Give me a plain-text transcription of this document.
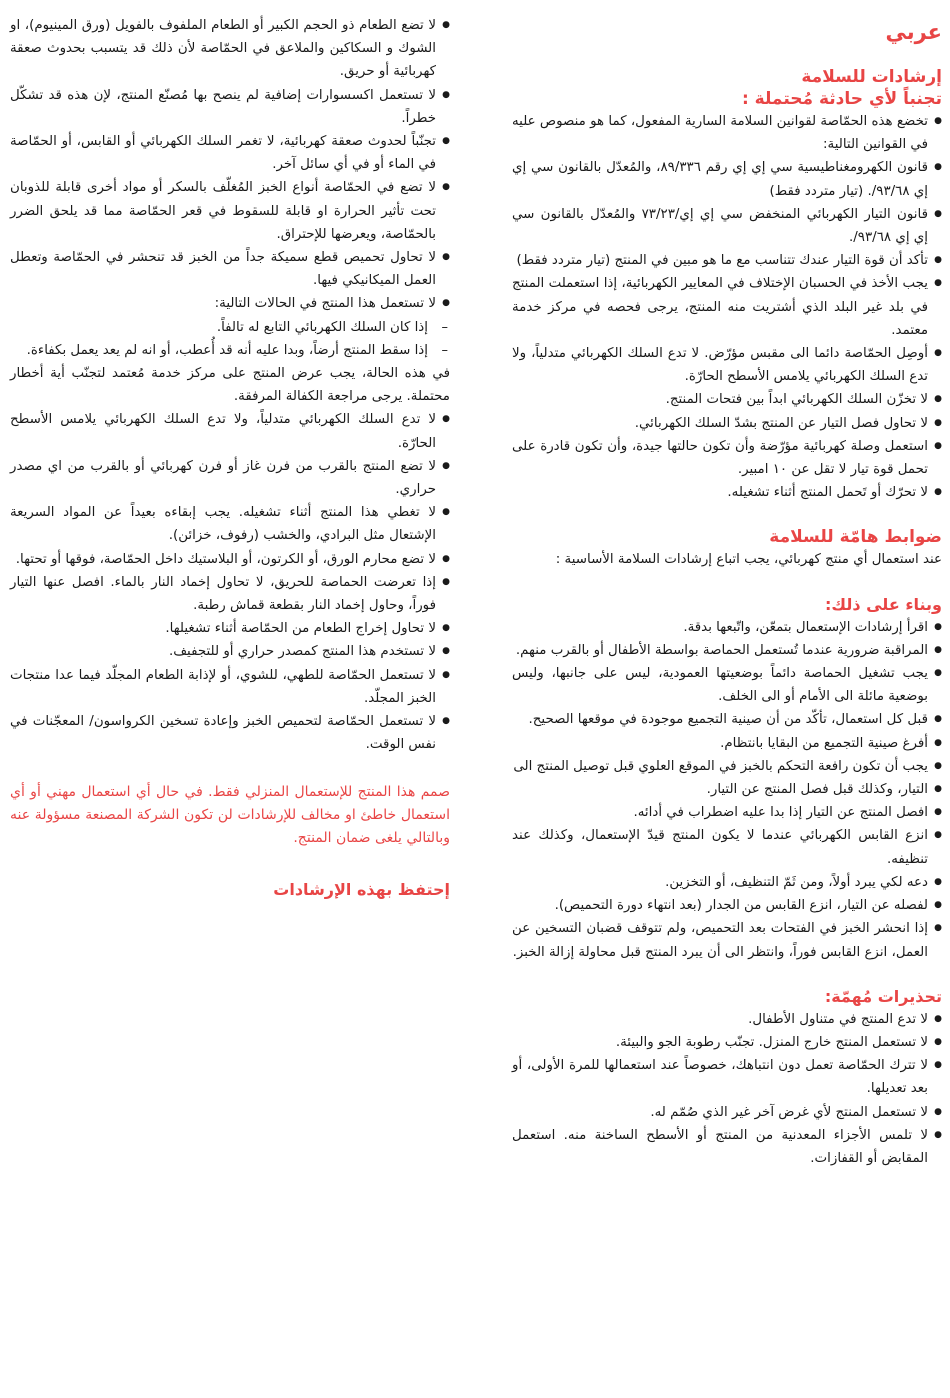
عربي
إرشادات للسلامة
تجنباً لأي حادثة مُحتملة :
● تخضع هذه الحمّاصة لقوانين السلامة السارية المفعول، كما هو منصوص عليه في القوانين التالية:
● قانون الكهرومغناطيسية سي إي إي رقم ٨٩/٣٣٦، والمُعدّل بالقانون سي إي إي ٩٣/٦٨/. (تيار متردد فقط)
● قانون التيار الكهربائي المنخفض سي إي إي/٧٣/٢٣ والمُعدّل بالقانون سي إي إي ٩٣/٦٨/.
● تأكد أن قوة التيار عندك تتناسب مع ما هو مبين في المنتج (تيار متردد فقط)
● يجب الأخذ في الحسبان الإختلاف في المعايير الكهربائية، إذا استعملت المنتج في بلد غير البلد الذي أشتريت منه المنتج، يرجى فحصه في مركز خدمة معتمد.
● أوصِل الحمّاصة دائما الى مقبس مؤرّض. لا تدع السلك الكهربائي متدلياً، ولا تدع السلك الكهربائي يلامس الأسطح الحارّة.
● لا تخزّن السلك الكهربائي ابداً بين فتحات المنتج.
● لا تحاول فصل التيار عن المنتج بشدّ السلك الكهربائي.
● استعمل وصلة كهربائية مؤرّضة وأن تكون حالتها جيدة، وأن تكون قادرة على تحمل قوة تيار لا تقل عن ١٠ امبير.
● لا تحرّك أو تَحمل المنتج أثناء تشغيله.
ضوابط هامّة للسلامة

عند استعمال أي منتج كهربائي، يجب اتباع إرشادات السلامة الأساسية :

وبناء على ذلك:
● اقرأ إرشادات الإستعمال بتمعّن، واتّبعها بدقة.
● المراقبة ضرورية عندما تُستعمل الحماصة بواسطة الأطفال أو بالقرب منهم.
● يجب تشغيل الحماصة دائماً بوضعيتها العمودية، ليس على جانبها، وليس بوضعية مائلة الى الأمام أو الى الخلف.
● قبل كل استعمال، تأكّد من أن صينية التجميع موجودة في موقعها الصحيح.
● أفرغ صينية التجميع من البقايا بانتظام.
● يجب أن تكون رافعة التحكم بالخبز في الموقع العلوي قبل توصيل المنتج الى
● التيار، وكذلك قبل فصل المنتج عن التيار.
● افصل المنتج عن التيار إذا بدا عليه اضطراب في أدائه.
● انزع القابس الكهربائي عندما لا يكون المنتج قيدّ الإستعمال، وكذلك عند تنظيفه.
● دعه لكي يبرد أولاً، ومن ثَمّ التنظيف، أو التخزين.
● لفصله عن التيار، انزع القابس من الجدار (بعد انتهاء دورة التحميص).
● إذا انحشر الخبز في الفتحات بعد التحميص، ولم تتوقف قضبان التسخين عن العمل، انزع القابس فوراً، وانتظر الى أن يبرد المنتج قبل محاولة إزالة الخبز.
تحذيرات مُهمّة:
● لا تدع المنتج في متناول الأطفال.
● لا تستعمل المنتج خارج المنزل. تجنّب رطوبة الجو والبيئة.
● لا تترك الحمّاصة تعمل دون انتباهك، خصوصاً عند استعمالها للمرة الأولى، أو بعد تعديلها.
● لا تستعمل المنتج لأي غرض آخر غير الذي صُمّم له.
● لا تلمس الأجزاء المعدنية من المنتج أو الأسطح الساخنة منه. استعمل المقابض أو القفازات.
● لا تضع الطعام ذو الحجم الكبير أو الطعام الملفوف بالفويل (ورق المينيوم)، او الشوك و السكاكين والملاعق في الحمّاصة لأن ذلك قد يتسبب بحدوث صعقة كهربائية أو حريق.
● لا تستعمل اكسسوارات إضافية لم ينصح بها مُصنّع المنتج، لإن هذه قد تشكّل خطراً.
● تجنّباً لحدوث صعقة كهربائية، لا تغمر السلك الكهربائي أو القابس، أو الحمّاصة في الماء أو في أي سائل آخر.
● لا تضع في الحمّاصة أنواع الخبز المُغلّف بالسكر أو مواد أخرى قابلة للذوبان تحت تأثير الحرارة او قابلة للسقوط في قعر الحمّاصة مما قد يلحق الضرر بالحمّاصة، ويعرضها للإحتراق.
● لا تحاول تحميص قطع سميكة جداً من الخبز قد تنحشر في الحمّاصة وتعطل العمل الميكانيكي فيها.
● لا تستعمل هذا المنتج في الحالات التالية:
– إذا كان السلك الكهربائي التابع له تالفاً.
– إذا سقط المنتج أرضاً، وبدا عليه أنه قد أُعطب، أو انه لم يعد يعمل بكفاءة.
في هذه الحالة، يجب عرض المنتج على مركز خدمة مُعتمد لتجنّب أية أخطار محتملة. يرجى مراجعة الكفالة المرفقة.
● لا تدع السلك الكهربائي متدلياً، ولا تدع السلك الكهربائي يلامس الأسطح الحارّة.
● لا تضع المنتج بالقرب من فرن غاز أو فرن كهربائي أو بالقرب من اي مصدر حراري.
● لا تغطي هذا المنتج أثناء تشغيله. يجب إبقاءه بعيداً عن المواد السريعة الإشتعال مثل البرادي، والخشب (رفوف، خزائن).
● لا تضع محارم الورق، أو الكرتون، أو البلاستيك داخل الحمّاصة، فوقها أو تحتها.
● إذا تعرضت الحماصة للحريق، لا تحاول إخماد النار بالماء. افصل عنها التيار فوراً، وحاول إخماد النار بقطعة قماش رطبة.
● لا تحاول إخراج الطعام من الحمّاصة أثناء تشغيلها.
● لا تستخدم هذا المنتج كمصدر حراري أو للتجفيف.
● لا تستعمل الحمّاصة للطهي، للشوي، أو لإذابة الطعام المجلّد فيما عدا منتجات الخبز المجلّد.
● لا تستعمل الحمّاصة لتحميص الخبز وإعادة تسخين الكرواسون/ المعجّنات في نفس الوقت.

صمم هذا المنتج للإستعمال المنزلي فقط. في حال أي استعمال مهني أو أي استعمال خاطئ او مخالف للإرشادات لن تكون الشركة المصنعة مسؤولة عنه وبالتالي يلغى ضمان المنتج.

إحتفظ بهذه الإرشادات
